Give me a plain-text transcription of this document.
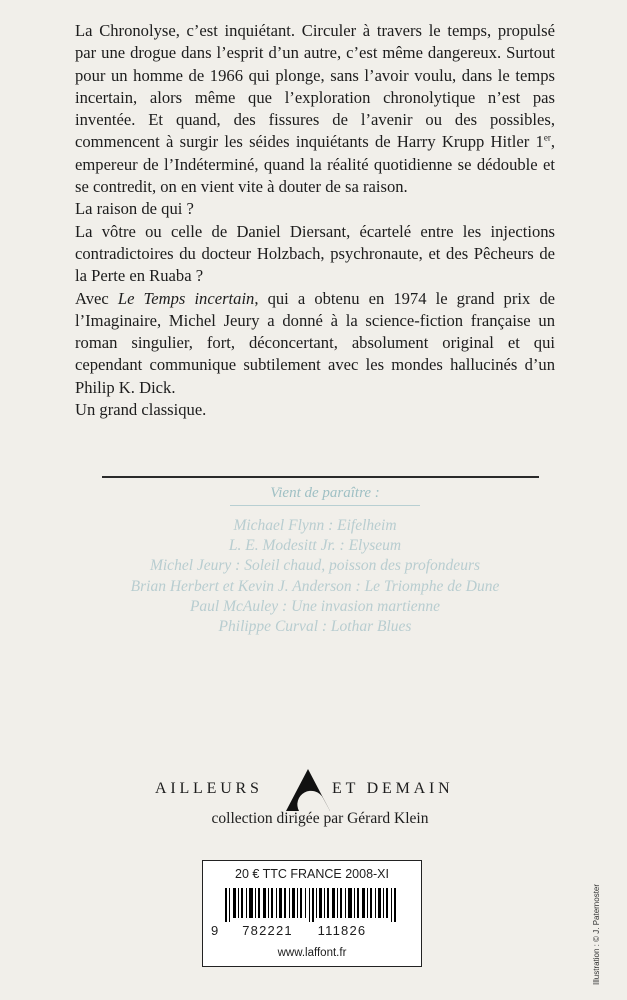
La Chronolyse, c’est inquiétant. Circuler à travers le temps, propulsé par une drogue dans l’esprit d’un autre, c’est même dangereux. Surtout pour un homme de 1966 qui plonge, sans l’avoir voulu, dans le temps incertain, alors même que l’exploration chronolytique n’est pas inventée. Et quand, des fissures de l’avenir ou des possibles, commencent à surgir les séides inquiétants de Harry Krupp Hitler 1er, empereur de l’Indéterminé, quand la réalité quotidienne se dédouble et se contredit, on en vient vite à douter de sa raison.

La raison de qui ?

La vôtre ou celle de Daniel Diersant, écartelé entre les injections contradictoires du docteur Holzbach, psychronaute, et des Pêcheurs de la Perte en Ruaba ?

Avec Le Temps incertain, qui a obtenu en 1974 le grand prix de l’Imaginaire, Michel Jeury a donné à la science-fiction française un roman singulier, fort, déconcertant, absolument original et qui cependant communique subtilement avec les mondes hallucinés d’un Philip K. Dick.

Un grand classique.

Vient de paraître :
Michael Flynn : Eifelheim
L. E. Modesitt Jr. : Elyseum
Michel Jeury : Soleil chaud, poisson des profondeurs
Brian Herbert et Kevin J. Anderson : Le Triomphe de Dune
Paul McAuley : Une invasion martienne
Philippe Curval : Lothar Blues
AILLEURS	ET DEMAIN
collection dirigée par Gérard Klein
20 € TTC FRANCE 2008-XI
9 782221 111826
www.laffont.fr	Illustration : © J. Paternoster
